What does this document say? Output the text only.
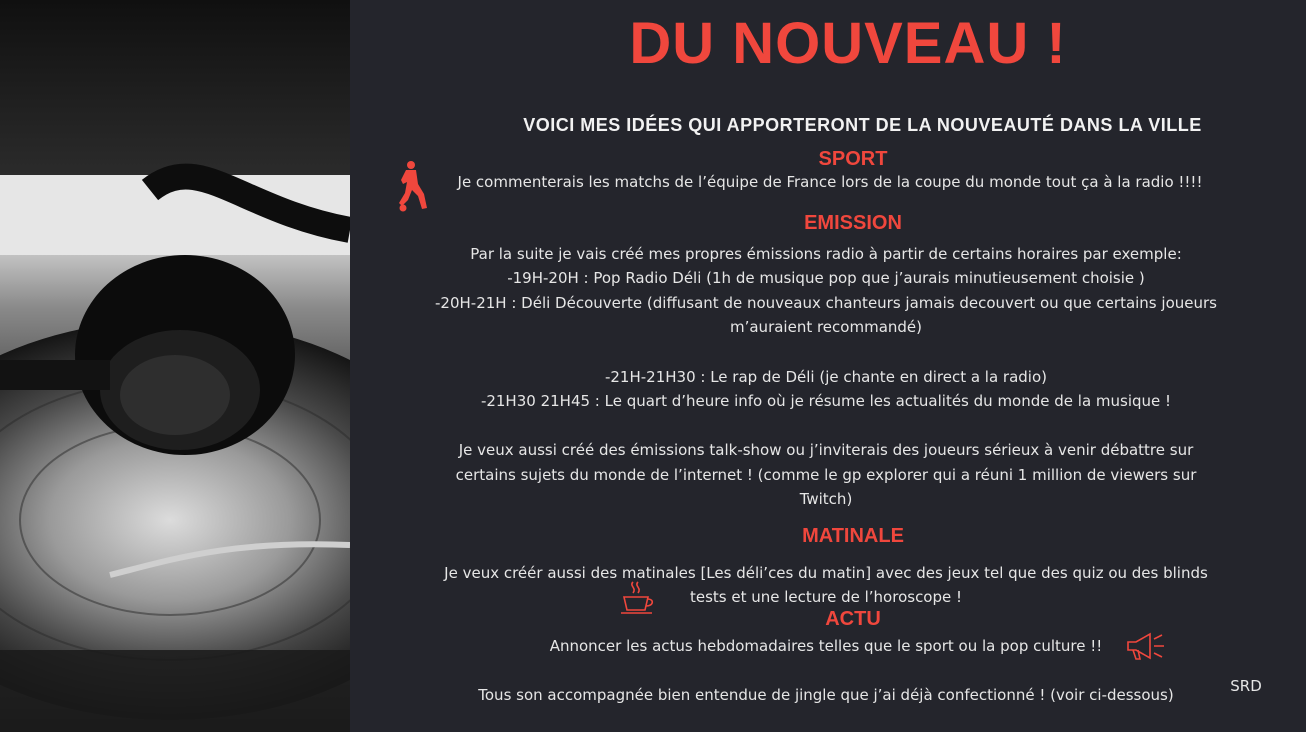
DU NOUVEAU !
VOICI MES IDÉES QUI APPORTERONT DE LA NOUVEAUTÉ DANS LA VILLE
SPORT
Je commenterais les matchs de l’équipe de France lors de la coupe du monde tout ça à la radio !!!!
EMISSION
Par la suite je vais créé mes propres émissions radio à partir de certains horaires par exemple:
-19H-20H : Pop Radio Déli (1h de musique pop que j’aurais minutieusement choisie )
-20H-21H : Déli Découverte (diffusant de nouveaux chanteurs jamais decouvert ou que certains joueurs
m’auraient recommandé)
-21H-21H30 : Le rap de Déli (je chante en direct a la radio)
-21H30 21H45 : Le quart d’heure info où je résume les actualités du monde de la musique !
Je veux aussi créé des émissions talk-show ou j’inviterais des joueurs sérieux à venir débattre sur
certains sujets du monde de l’internet ! (comme le gp explorer qui a réuni 1 million de viewers sur
Twitch)
MATINALE
Je veux créér aussi des matinales [Les déli’ces du matin] avec des jeux tel que des quiz ou des blinds
tests et une lecture de l’horoscope !
ACTU
Annoncer les actus hebdomadaires telles que le sport ou la pop culture !!
Tous son accompagnée bien entendue de jingle que j’ai déjà confectionné ! (voir ci-dessous)	SRD
